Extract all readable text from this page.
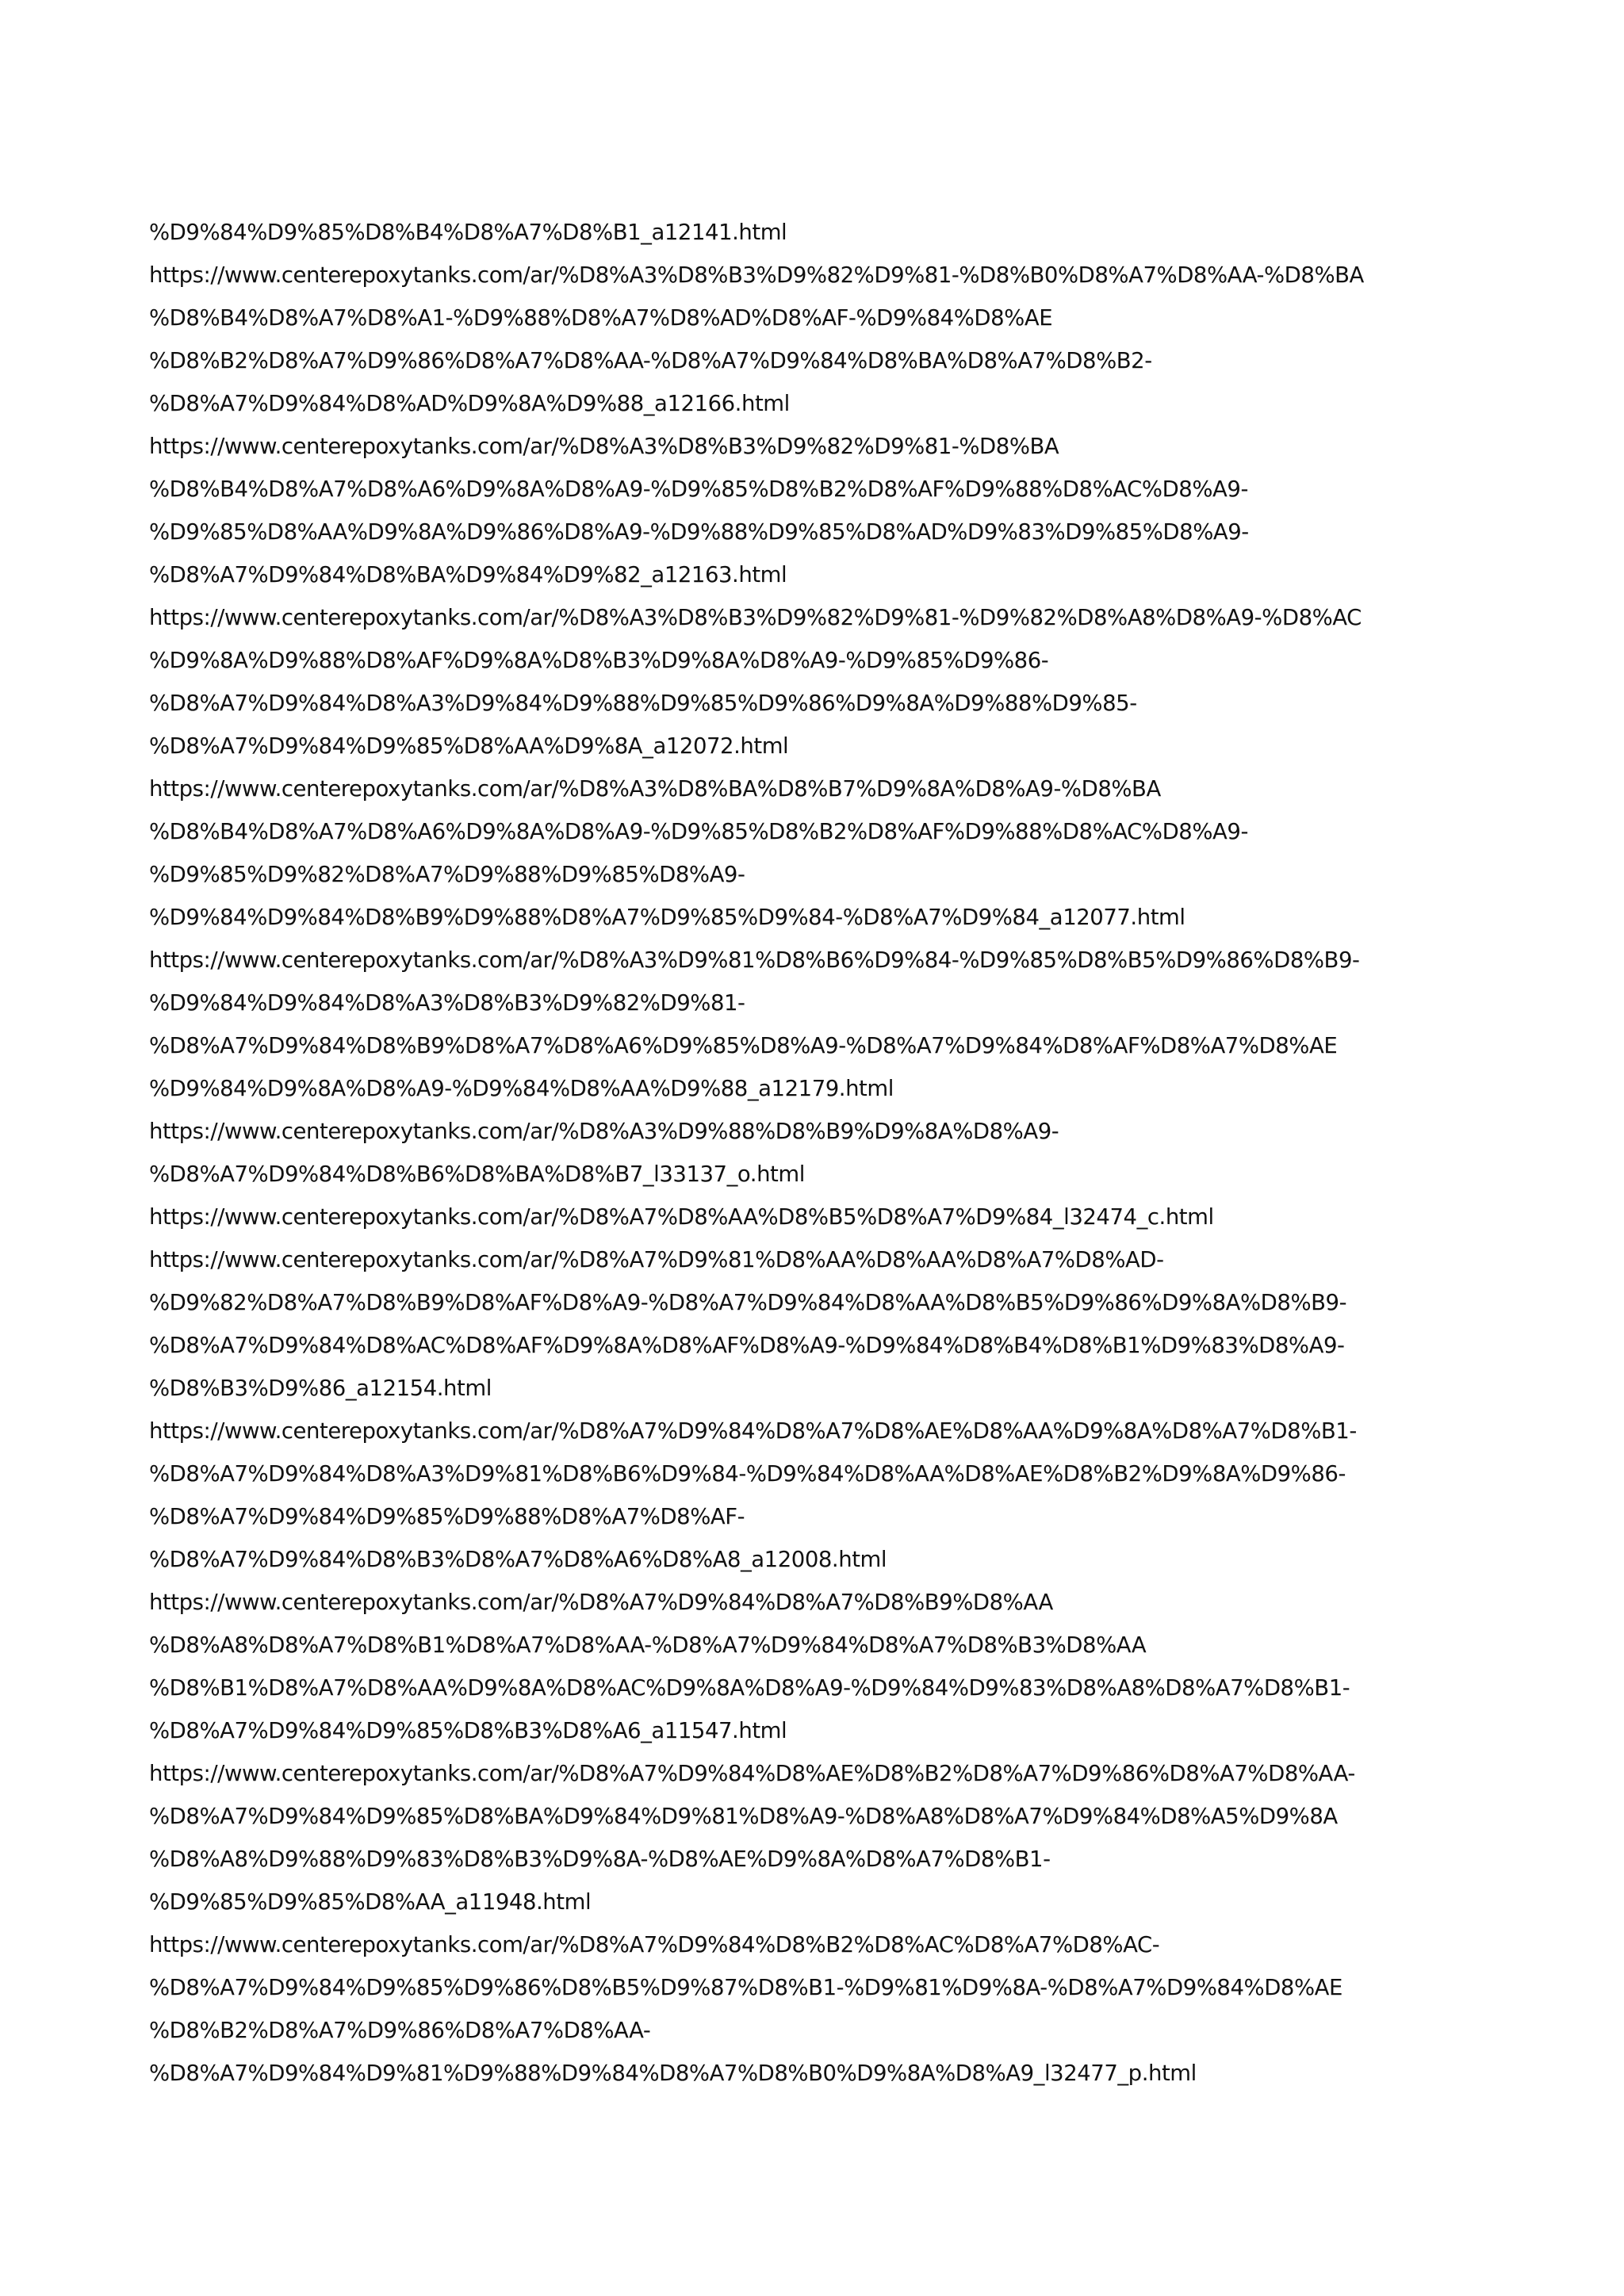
%D9%84%D9%85%D8%B4%D8%A7%D8%B1_a12141.html
https://www.centerepoxytanks.com/ar/%D8%A3%D8%B3%D9%82%D9%81-%D8%B0%D8%A7%D8%AA-%D8%BA
%D8%B4%D8%A7%D8%A1-%D9%88%D8%A7%D8%AD%D8%AF-%D9%84%D8%AE
%D8%B2%D8%A7%D9%86%D8%A7%D8%AA-%D8%A7%D9%84%D8%BA%D8%A7%D8%B2-
%D8%A7%D9%84%D8%AD%D9%8A%D9%88_a12166.html
https://www.centerepoxytanks.com/ar/%D8%A3%D8%B3%D9%82%D9%81-%D8%BA
%D8%B4%D8%A7%D8%A6%D9%8A%D8%A9-%D9%85%D8%B2%D8%AF%D9%88%D8%AC%D8%A9-
%D9%85%D8%AA%D9%8A%D9%86%D8%A9-%D9%88%D9%85%D8%AD%D9%83%D9%85%D8%A9-
%D8%A7%D9%84%D8%BA%D9%84%D9%82_a12163.html
https://www.centerepoxytanks.com/ar/%D8%A3%D8%B3%D9%82%D9%81-%D9%82%D8%A8%D8%A9-%D8%AC
%D9%8A%D9%88%D8%AF%D9%8A%D8%B3%D9%8A%D8%A9-%D9%85%D9%86-
%D8%A7%D9%84%D8%A3%D9%84%D9%88%D9%85%D9%86%D9%8A%D9%88%D9%85-
%D8%A7%D9%84%D9%85%D8%AA%D9%8A_a12072.html
https://www.centerepoxytanks.com/ar/%D8%A3%D8%BA%D8%B7%D9%8A%D8%A9-%D8%BA
%D8%B4%D8%A7%D8%A6%D9%8A%D8%A9-%D9%85%D8%B2%D8%AF%D9%88%D8%AC%D8%A9-
%D9%85%D9%82%D8%A7%D9%88%D9%85%D8%A9-
%D9%84%D9%84%D8%B9%D9%88%D8%A7%D9%85%D9%84-%D8%A7%D9%84_a12077.html
https://www.centerepoxytanks.com/ar/%D8%A3%D9%81%D8%B6%D9%84-%D9%85%D8%B5%D9%86%D8%B9-
%D9%84%D9%84%D8%A3%D8%B3%D9%82%D9%81-
%D8%A7%D9%84%D8%B9%D8%A7%D8%A6%D9%85%D8%A9-%D8%A7%D9%84%D8%AF%D8%A7%D8%AE
%D9%84%D9%8A%D8%A9-%D9%84%D8%AA%D9%88_a12179.html
https://www.centerepoxytanks.com/ar/%D8%A3%D9%88%D8%B9%D9%8A%D8%A9-
%D8%A7%D9%84%D8%B6%D8%BA%D8%B7_l33137_o.html
https://www.centerepoxytanks.com/ar/%D8%A7%D8%AA%D8%B5%D8%A7%D9%84_l32474_c.html
https://www.centerepoxytanks.com/ar/%D8%A7%D9%81%D8%AA%D8%AA%D8%A7%D8%AD-
%D9%82%D8%A7%D8%B9%D8%AF%D8%A9-%D8%A7%D9%84%D8%AA%D8%B5%D9%86%D9%8A%D8%B9-
%D8%A7%D9%84%D8%AC%D8%AF%D9%8A%D8%AF%D8%A9-%D9%84%D8%B4%D8%B1%D9%83%D8%A9-
%D8%B3%D9%86_a12154.html
https://www.centerepoxytanks.com/ar/%D8%A7%D9%84%D8%A7%D8%AE%D8%AA%D9%8A%D8%A7%D8%B1-
%D8%A7%D9%84%D8%A3%D9%81%D8%B6%D9%84-%D9%84%D8%AA%D8%AE%D8%B2%D9%8A%D9%86-
%D8%A7%D9%84%D9%85%D9%88%D8%A7%D8%AF-
%D8%A7%D9%84%D8%B3%D8%A7%D8%A6%D8%A8_a12008.html
https://www.centerepoxytanks.com/ar/%D8%A7%D9%84%D8%A7%D8%B9%D8%AA
%D8%A8%D8%A7%D8%B1%D8%A7%D8%AA-%D8%A7%D9%84%D8%A7%D8%B3%D8%AA
%D8%B1%D8%A7%D8%AA%D9%8A%D8%AC%D9%8A%D8%A9-%D9%84%D9%83%D8%A8%D8%A7%D8%B1-
%D8%A7%D9%84%D9%85%D8%B3%D8%A6_a11547.html
https://www.centerepoxytanks.com/ar/%D8%A7%D9%84%D8%AE%D8%B2%D8%A7%D9%86%D8%A7%D8%AA-
%D8%A7%D9%84%D9%85%D8%BA%D9%84%D9%81%D8%A9-%D8%A8%D8%A7%D9%84%D8%A5%D9%8A
%D8%A8%D9%88%D9%83%D8%B3%D9%8A-%D8%AE%D9%8A%D8%A7%D8%B1-
%D9%85%D9%85%D8%AA_a11948.html
https://www.centerepoxytanks.com/ar/%D8%A7%D9%84%D8%B2%D8%AC%D8%A7%D8%AC-
%D8%A7%D9%84%D9%85%D9%86%D8%B5%D9%87%D8%B1-%D9%81%D9%8A-%D8%A7%D9%84%D8%AE
%D8%B2%D8%A7%D9%86%D8%A7%D8%AA-
%D8%A7%D9%84%D9%81%D9%88%D9%84%D8%A7%D8%B0%D9%8A%D8%A9_l32477_p.html
